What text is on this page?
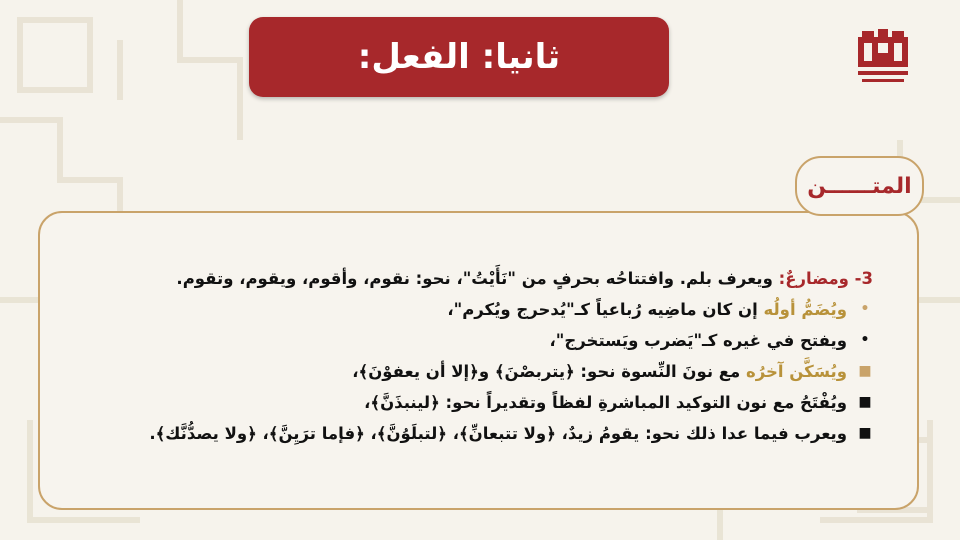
ثانيا: الفعل:
3- ومضارعٌ: ويعرف بلم. وافتتاحُه بحرفٍ من "نَأَيْتُ"، نحو: نقوم، وأقوم، ويقوم، وتقوم.
•
ويُضَمُّ أولُه إن كان ماضِيه رُباعياً كـ"يُدحرج ويُكرم"،
•
ويفتح في غيره كـ"يَضرب ويَستخرج"،
■
ويُسَكَّن آخرُه مع نونَ النِّسوة نحو: ﴿يتربصْنَ﴾ و﴿إلا أن يعفوْنَ﴾،
■
ويُفْتَحُ مع نون التوكيد المباشرةِ لفظاً وتقديراً نحو: ﴿لينبذَنَّ﴾،
■
ويعرب فيما عدا ذلك نحو: يقومُ زيدٌ، ﴿ولا تتبعانِّ﴾، ﴿لتبلَوُنَّ﴾، ﴿فإما ترَيِنَّ﴾، ﴿ولا يصدُّنَّك﴾.
المتــــــن
